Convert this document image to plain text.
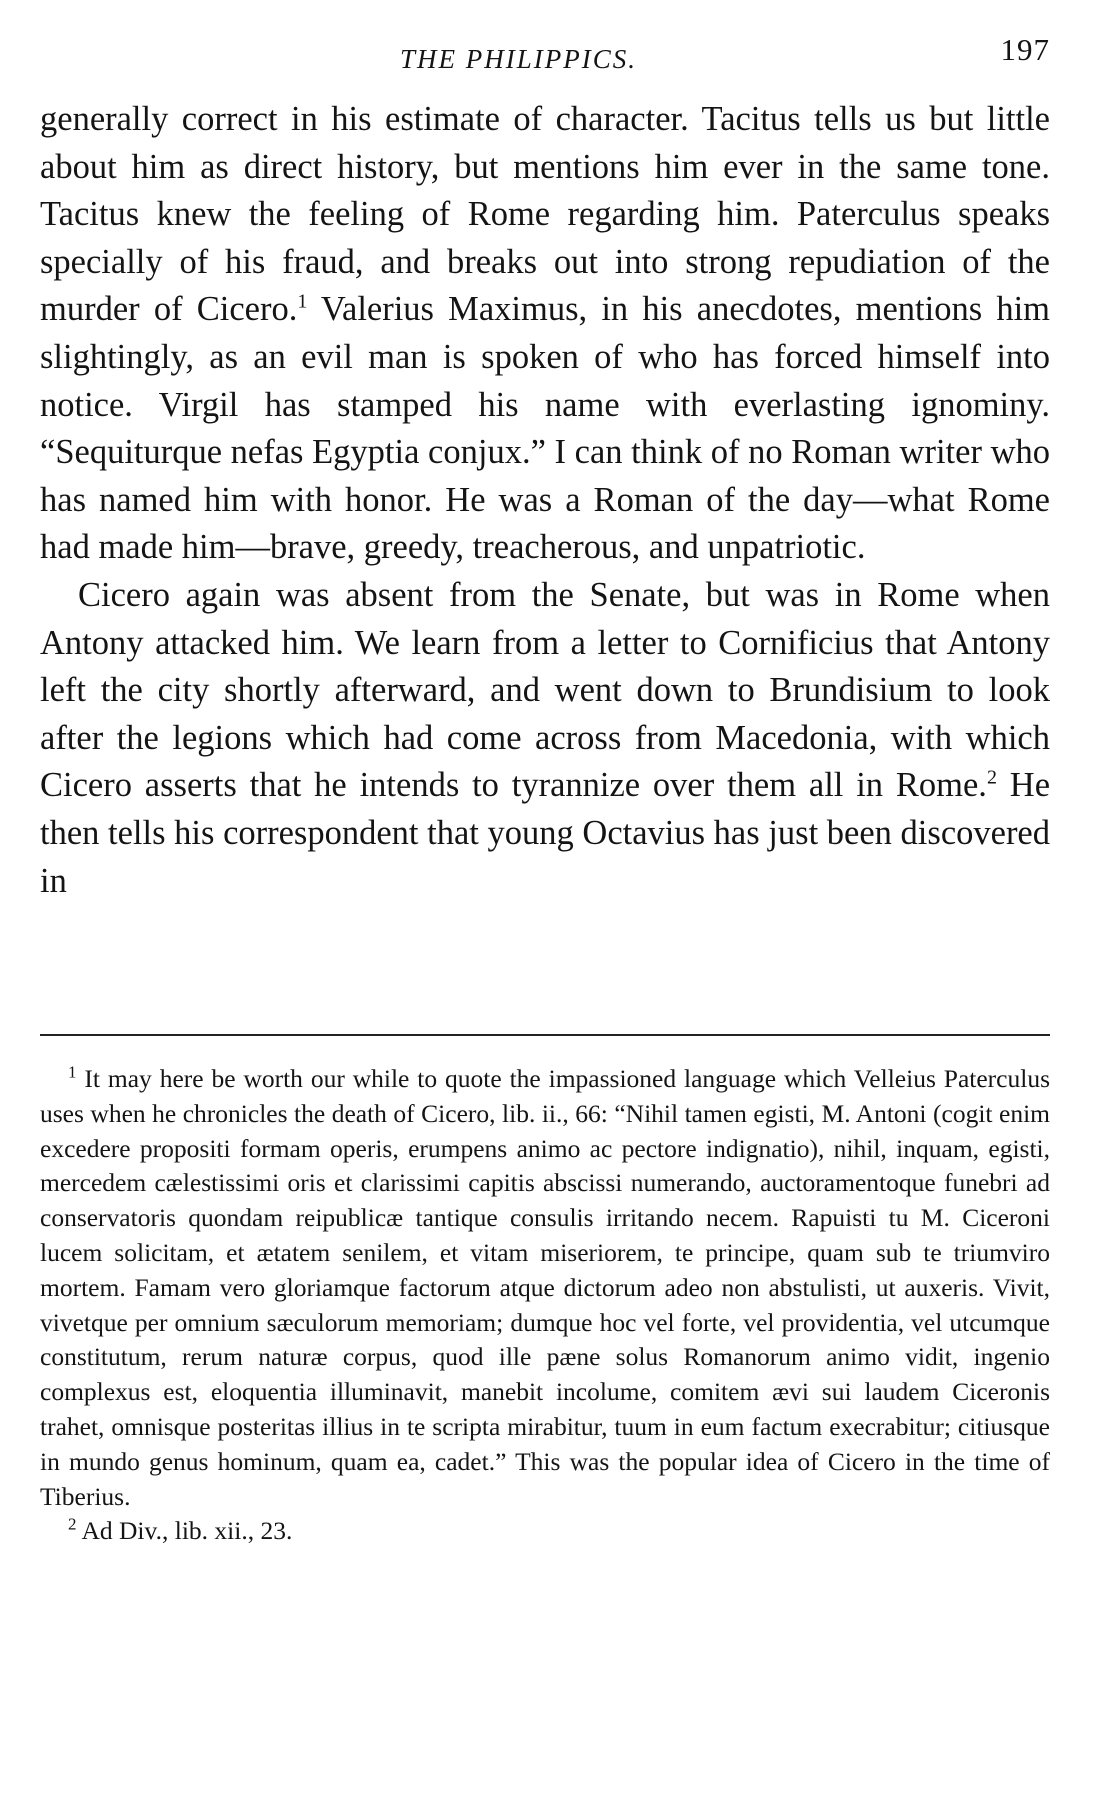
THE PHILIPPICS.	197

generally correct in his estimate of character. Tacitus tells us but little about him as direct history, but mentions him ever in the same tone. Tacitus knew the feeling of Rome regarding him. Paterculus speaks specially of his fraud, and breaks out into strong repudiation of the murder of Cicero.$^1$ Valerius Maximus, in his anecdotes, mentions him slightingly, as an evil man is spoken of who has forced himself into notice. Virgil has stamped his name with everlasting ignominy. “Sequiturque nefas Egyptia conjux.” I can think of no Roman writer who has named him with honor. He was a Roman of the day—what Rome had made him—brave, greedy, treacherous, and unpatriotic.

Cicero again was absent from the Senate, but was in Rome when Antony attacked him. We learn from a letter to Cornificius that Antony left the city shortly afterward, and went down to Brundisium to look after the legions which had come across from Macedonia, with which Cicero asserts that he intends to tyrannize over them all in Rome.$^2$ He then tells his correspondent that young Octavius has just been discovered in

$^1$ It may here be worth our while to quote the impassioned language which Velleius Paterculus uses when he chronicles the death of Cicero, lib. ii., 66: “Nihil tamen egisti, M. Antoni (cogit enim excedere propositi formam operis, erumpens animo ac pectore indignatio), nihil, inquam, egisti, mercedem cælestissimi oris et clarissimi capitis abscissi numerando, auctoramentoque funebri ad conservatoris quondam reipublicæ tantique consulis irritando necem. Rapuisti tu M. Ciceroni lucem solicitam, et ætatem senilem, et vitam miseriorem, te principe, quam sub te triumviro mortem. Famam vero gloriamque factorum atque dictorum adeo non abstulisti, ut auxeris. Vivit, vivetque per omnium sæculorum memoriam; dumque hoc vel forte, vel providentia, vel utcumque constitutum, rerum naturæ corpus, quod ille pæne solus Romanorum animo vidit, ingenio complexus est, eloquentia illuminavit, manebit incolume, comitem ævi sui laudem Ciceronis trahet, omnisque posteritas illius in te scripta mirabitur, tuum in eum factum execrabitur; citiusque in mundo genus hominum, quam ea, cadet.” This was the popular idea of Cicero in the time of Tiberius.

$^2$ Ad Div., lib. xii., 23.
